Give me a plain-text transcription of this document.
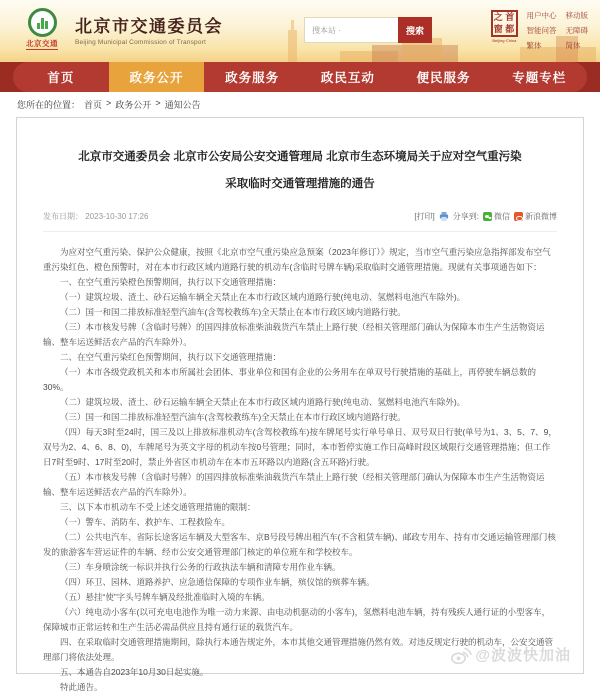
北京交通
北京市交通委员会
Beijing Municipal Commission of Transport
搜本站 ·
搜索
之 首
窗 都
Beijing·China
用户中心
智能问答
繁体
移动版
无障碍
简体
首页	政务公开	政务服务	政民互动	便民服务	专题专栏
您所在的位置： 首页 > 政务公开 > 通知公告
北京市交通委员会 北京市公安局公安交通管理局 北京市生态环境局关于应对空气重污染采取临时交通管理措施的通告
发布日期： 2023-10-30 17:26	[打印] 分享到: 微信 新浪微博

为应对空气重污染、保护公众健康，按照《北京市空气重污染应急预案（2023年修订）》规定，当市空气重污染应急指挥部发布空气重污染红色、橙色预警时，对在本市行政区域内道路行驶的机动车(含临时号牌车辆)采取临时交通管理措施。现就有关事项通告如下：

一、在空气重污染橙色预警期间，执行以下交通管理措施：

（一）建筑垃圾、渣土、砂石运输车辆全天禁止在本市行政区域内道路行驶(纯电动、氢燃料电池汽车除外)。

（二）国一和国二排放标准轻型汽油车(含驾校教练车)全天禁止在本市行政区域内道路行驶。

（三）本市核发号牌（含临时号牌）的国四排放标准柴油载货汽车禁止上路行驶（经相关管理部门确认为保障本市生产生活物资运输、整车运送鲜活农产品的汽车除外）。

二、在空气重污染红色预警期间，执行以下交通管理措施：

（一）本市各级党政机关和本市所属社会团体、事业单位和国有企业的公务用车在单双号行驶措施的基础上，再停驶车辆总数的30%。

（二）建筑垃圾、渣土、砂石运输车辆全天禁止在本市行政区域内道路行驶(纯电动、氢燃料电池汽车除外)。

（三）国一和国二排放标准轻型汽油车(含驾校教练车)全天禁止在本市行政区域内道路行驶。

（四）每天3时至24时，国三及以上排放标准机动车(含驾校教练车)按车牌尾号实行单号单日、双号双日行驶(单号为1、3、5、7、9，双号为2、4、6、8、0)，车牌尾号为英文字母的机动车按0号管理；同时，本市暂停实施工作日高峰时段区域限行交通管理措施；但工作日7时至9时、17时至20时，禁止外省区市机动车在本市五环路以内道路(含五环路)行驶。

（五）本市核发号牌（含临时号牌）的国四排放标准柴油载货汽车禁止上路行驶（经相关管理部门确认为保障本市生产生活物资运输、整车运送鲜活农产品的汽车除外）。

三、以下本市机动车不受上述交通管理措施的限制：

（一）警车、消防车、救护车、工程救险车。

（二）公共电汽车、省际长途客运车辆及大型客车、京B号段号牌出租汽车(不含租赁车辆)、邮政专用车、持有市交通运输管理部门核发的旅游客车营运证件的车辆、经市公安交通管理部门核定的单位班车和学校校车。

（三）车身喷涂统一标识并执行公务的行政执法车辆和清障专用作业车辆。

（四）环卫、园林、道路养护、应急通信保障的专项作业车辆，殡仪馆的殡葬车辆。

（五）悬挂“使”字头号牌车辆及经批准临时入境的车辆。

（六）纯电动小客车(以可充电电池作为唯一动力来源、由电动机驱动的小客车)，氢燃料电池车辆，持有残疾人通行证的小型客车，保障城市正常运转和生产生活必需品供应且持有通行证的载货汽车。

四、在采取临时交通管理措施期间，除执行本通告规定外，本市其他交通管理措施仍然有效。对违反规定行驶的机动车，公安交通管理部门将依法处理。

五、本通告自2023年10月30日起实施。

特此通告。

@波波快加油
